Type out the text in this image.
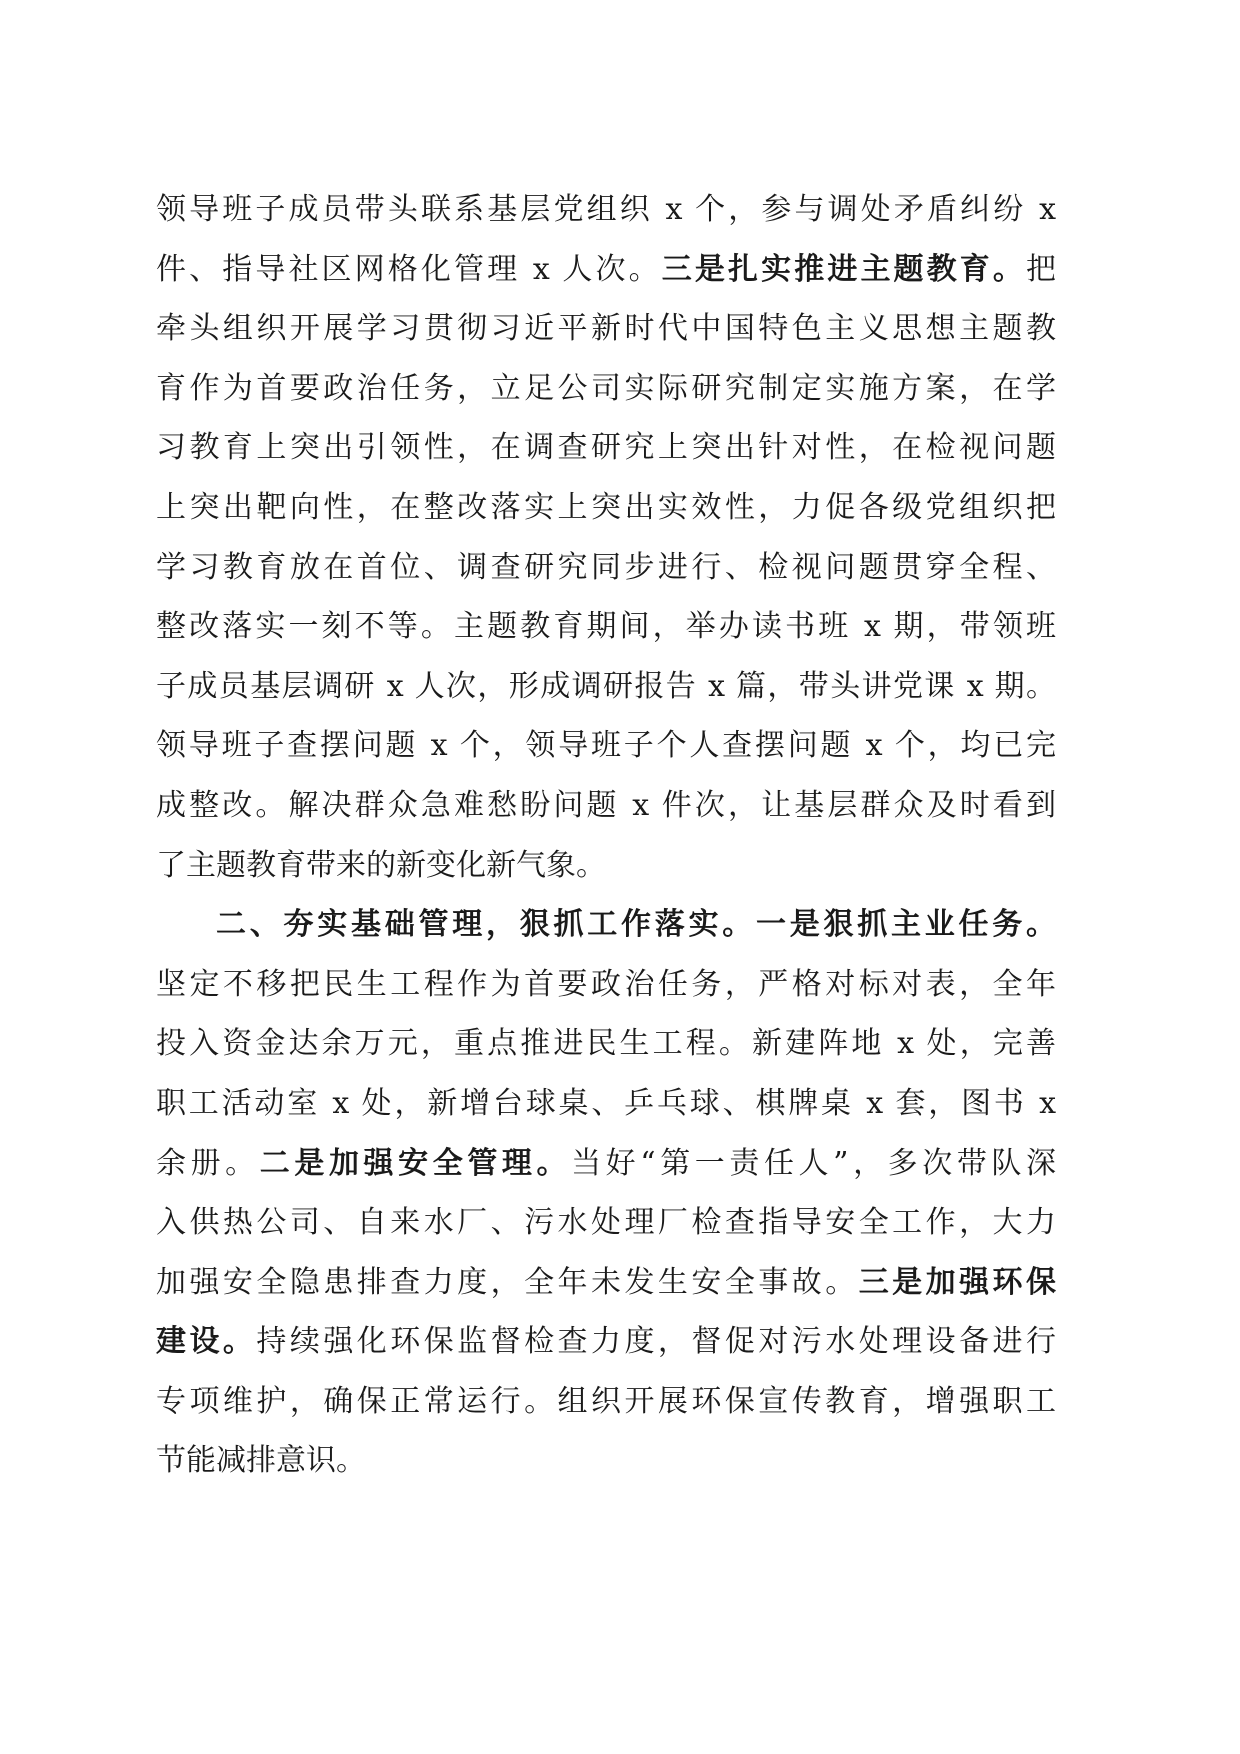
领导班子成员带头联系基层党组织 x 个，参与调处矛盾纠纷 x
件、指导社区网格化管理 x 人次。三是扎实推进主题教育。把
牵头组织开展学习贯彻习近平新时代中国特色主义思想主题教
育作为首要政治任务，立足公司实际研究制定实施方案，在学
习教育上突出引领性，在调查研究上突出针对性，在检视问题
上突出靶向性，在整改落实上突出实效性，力促各级党组织把
学习教育放在首位、调查研究同步进行、检视问题贯穿全程、
整改落实一刻不等。主题教育期间，举办读书班 x 期，带领班
子成员基层调研 x 人次，形成调研报告 x 篇，带头讲党课 x 期。
领导班子查摆问题 x 个，领导班子个人查摆问题 x 个，均已完
成整改。解决群众急难愁盼问题 x 件次，让基层群众及时看到
了主题教育带来的新变化新气象。
二、夯实基础管理，狠抓工作落实。一是狠抓主业任务。
坚定不移把民生工程作为首要政治任务，严格对标对表，全年
投入资金达余万元，重点推进民生工程。新建阵地 x 处，完善
职工活动室 x 处，新增台球桌、乒乓球、棋牌桌 x 套，图书 x
余册。二是加强安全管理。当好“第一责任人”，多次带队深
入供热公司、自来水厂、污水处理厂检查指导安全工作，大力
加强安全隐患排查力度，全年未发生安全事故。三是加强环保
建设。持续强化环保监督检查力度，督促对污水处理设备进行
专项维护，确保正常运行。组织开展环保宣传教育，增强职工
节能减排意识。
